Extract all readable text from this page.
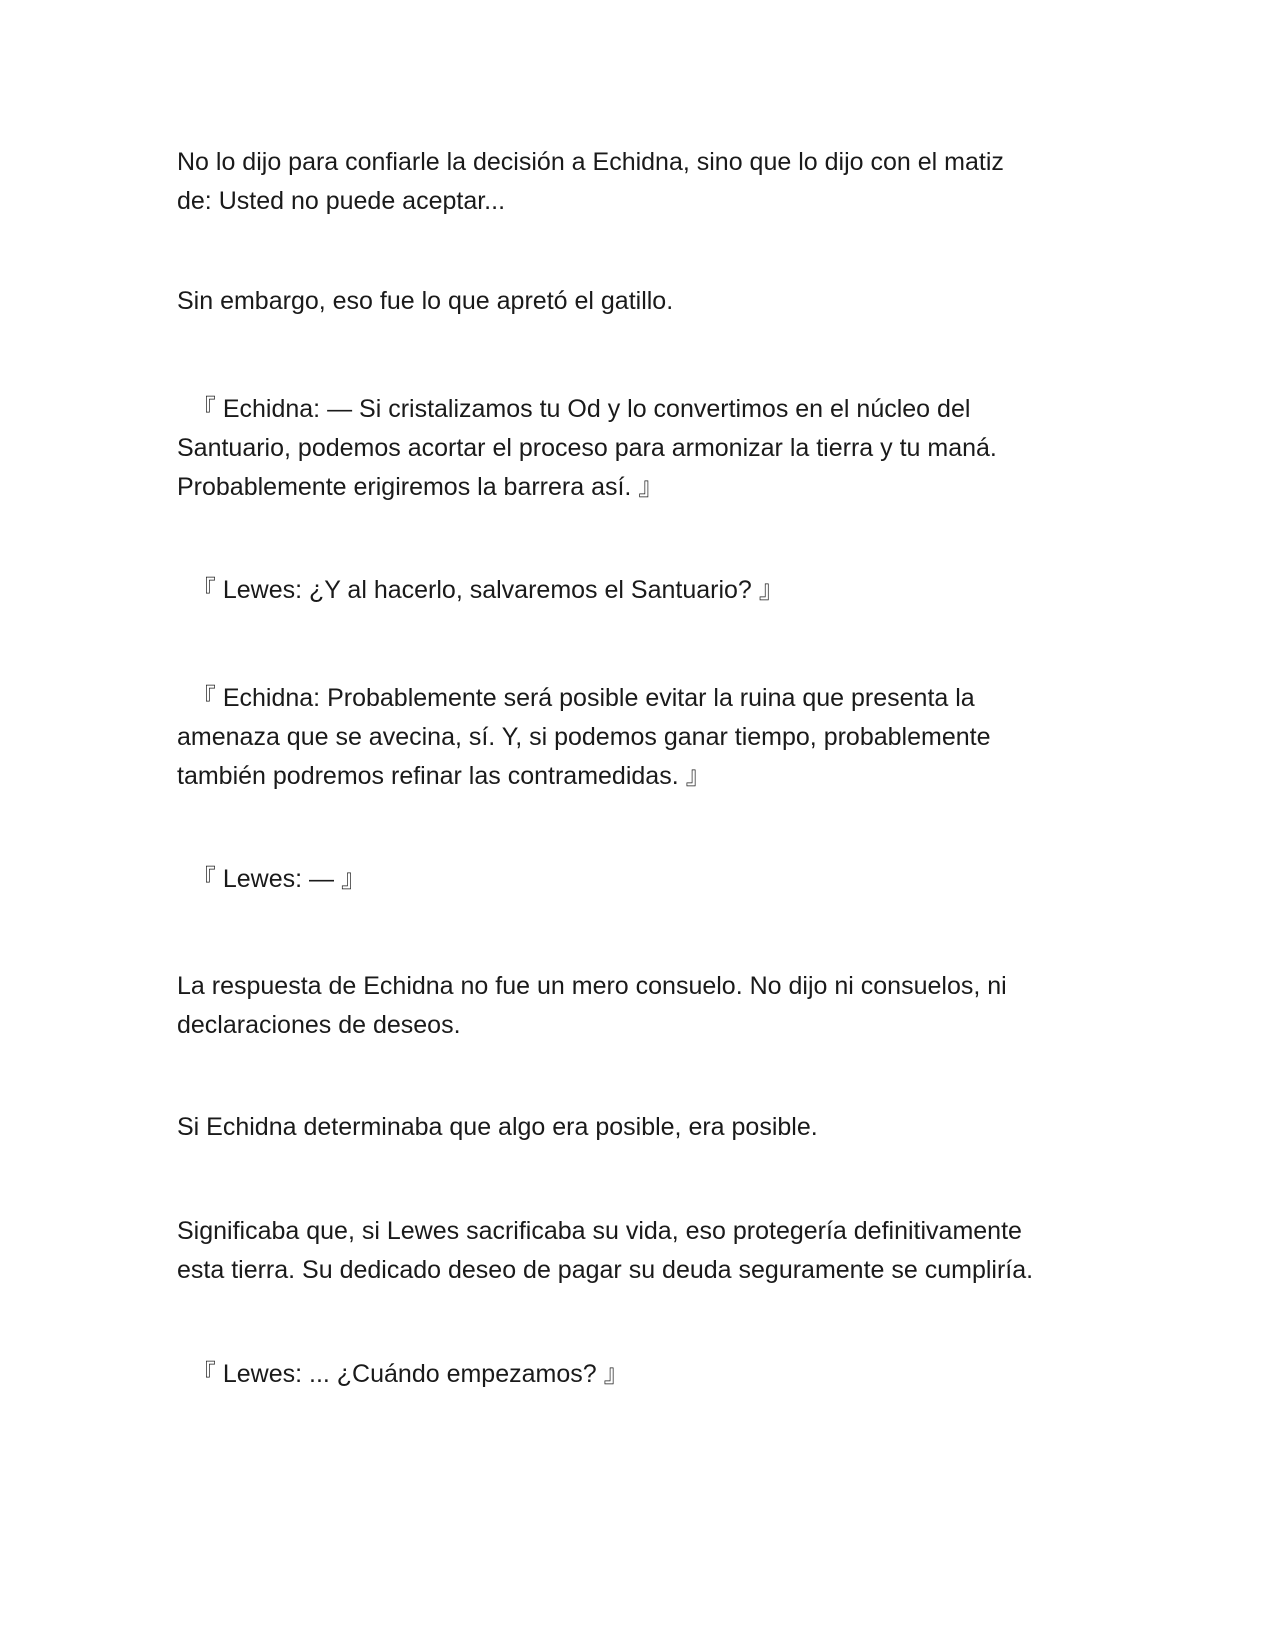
No lo dijo para confiarle la decisión a Echidna, sino que lo dijo con el matiz
de: Usted no puede aceptar...

Sin embargo, eso fue lo que apretó el gatillo.

『 Echidna: — Si cristalizamos tu Od y lo convertimos en el núcleo del
Santuario, podemos acortar el proceso para armonizar la tierra y tu maná.
Probablemente erigiremos la barrera así. 』

『 Lewes: ¿Y al hacerlo, salvaremos el Santuario? 』

『 Echidna: Probablemente será posible evitar la ruina que presenta la
amenaza que se avecina, sí. Y, si podemos ganar tiempo, probablemente
también podremos refinar las contramedidas. 』

『 Lewes: — 』

La respuesta de Echidna no fue un mero consuelo. No dijo ni consuelos, ni
declaraciones de deseos.

Si Echidna determinaba que algo era posible, era posible.

Significaba que, si Lewes sacrificaba su vida, eso protegería definitivamente
esta tierra. Su dedicado deseo de pagar su deuda seguramente se cumpliría.

『 Lewes: ... ¿Cuándo empezamos? 』
